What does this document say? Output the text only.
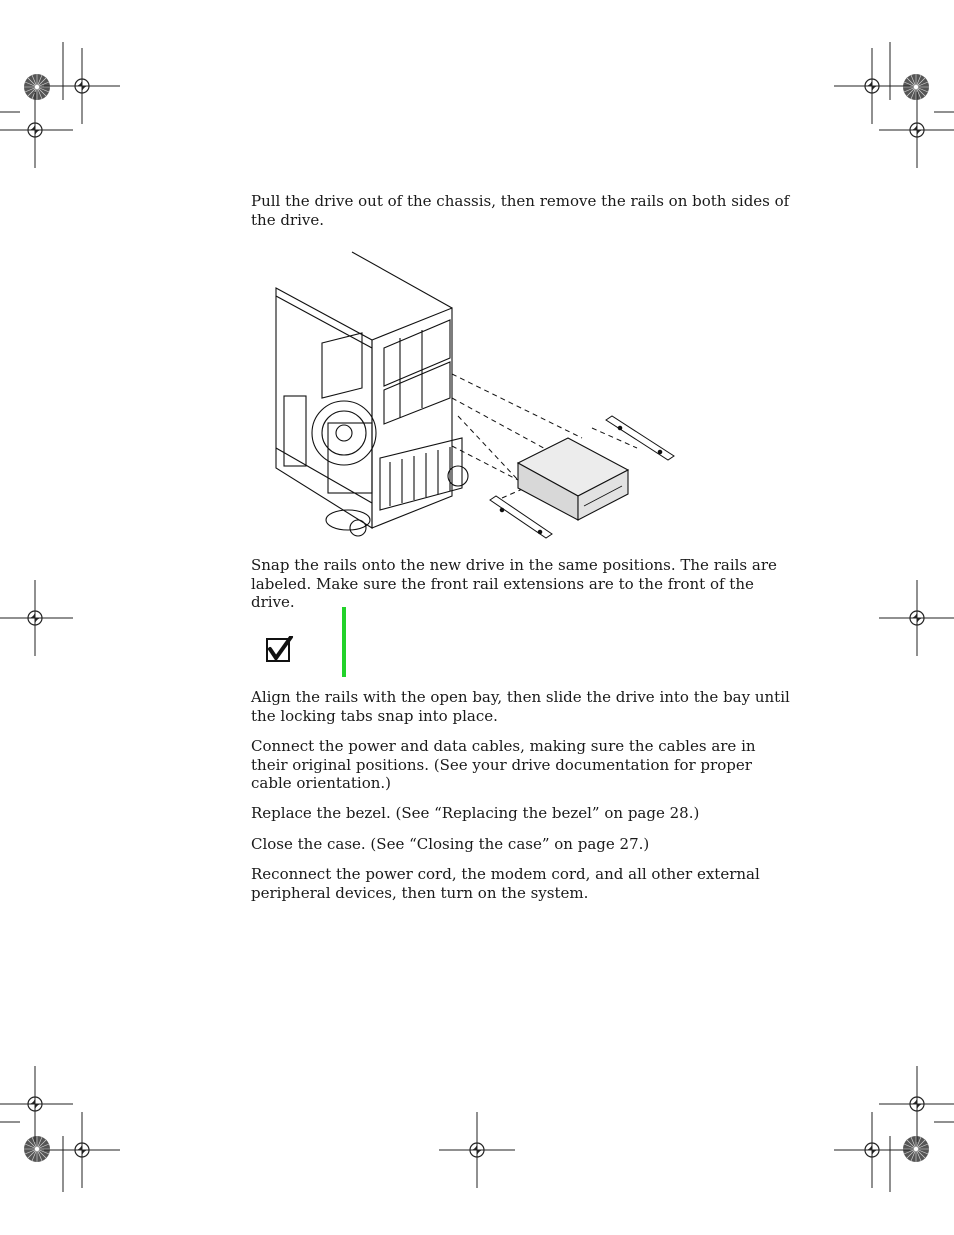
Pull the drive out of the chassis, then remove the rails on both sides of the drive.

Snap the rails onto the new drive in the same positions. The rails are labeled. Make sure the front rail extensions are to the front of the drive.

Align the rails with the open bay, then slide the drive into the bay until the locking tabs snap into place.

Connect the power and data cables, making sure the cables are in their original positions. (See your drive documentation for proper cable orientation.)

Replace the bezel. (See “Replacing the bezel” on page 28.)

Close the case. (See “Closing the case” on page 27.)

Reconnect the power cord, the modem cord, and all other external peripheral devices, then turn on the system.
